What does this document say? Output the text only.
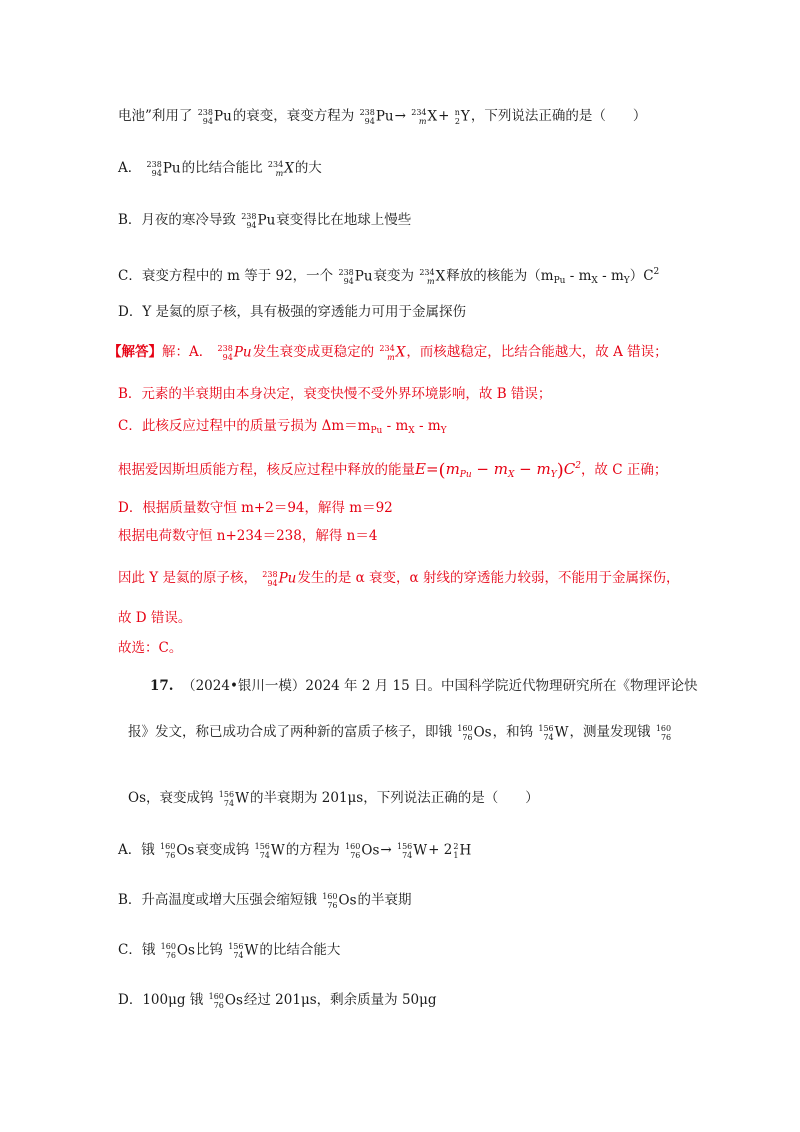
电池”利用了 238
94 Pu的衰变，衰变方程为 238
94 Pu→ 234
m X+ n
2 Y，下列说法正确的是（　　）
A． 238
94 Pu的比结合能比 234
m X的大
B．月夜的寒冷导致 238
94 Pu衰变得比在地球上慢些
C．衰变方程中的 m 等于 92，一个 238
94 Pu衰变为 234
m X释放的核能为$(m_{Pu} - m_X - m_Y)C^2$
D．Y 是氦的原子核，具有极强的穿透能力可用于金属探伤
【解答】解：A． 238
94 Pu发生衰变成更稳定的 234
m X，而核越稳定，比结合能越大，故 A 错误；
B．元素的半衰期由本身决定，衰变快慢不受外界环境影响，故 B 错误；
C．此核反应过程中的质量亏损为 $\Delta m=m_{Pu} - m_X - m_Y$
根据爱因斯坦质能方程，核反应过程中释放的能量$E=(m_{Pu} - m_X - m_Y)C^2$，故 C 正确；
D．根据质量数守恒 m+2＝94，解得 m＝92
根据电荷数守恒 n+234＝238，解得 n＝4
因此 Y 是氦的原子核， 238
94 Pu发生的是 α 衰变，α 射线的穿透能力较弱，不能用于金属探伤，
故 D 错误。
故选：C。
17. （2024•银川一模）2024 年 2 月 15 日。中国科学院近代物理研究所在《物理评论快
报》发文，称已成功合成了两种新的富质子核子，即锇 160
76 Os，和钨 156
74 W，测量发现锇 160
76
Os，衰变成钨 156
74 W的半衰期为 201μs，下列说法正确的是（　　）
A．锇 160
76 Os衰变成钨 156
74 W的方程为 160
76 Os→ 156
74 W+ 2 2
1 H
B．升高温度或增大压强会缩短锇 160
76 Os的半衰期
C．锇 160
76 Os比钨 156
74 W的比结合能大
D．100μg 锇 160
76 Os经过 201μs，剩余质量为 50μg
